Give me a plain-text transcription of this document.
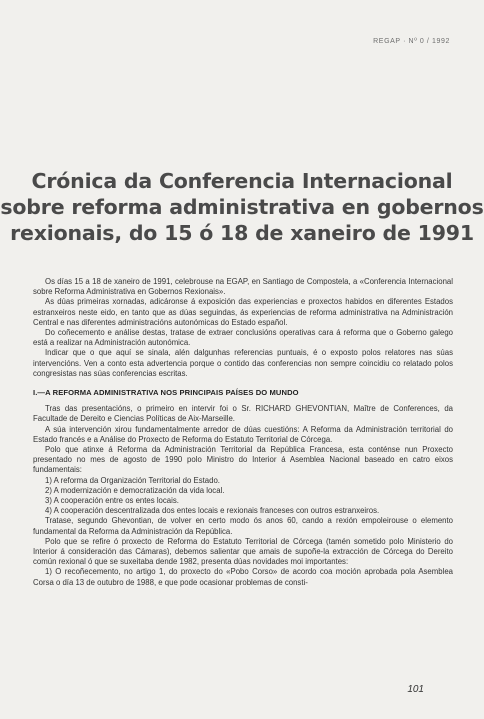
REGAP · Nº 0 / 1992
Crónica da Conferencia Internacional
sobre reforma administrativa en gobernos
rexionais, do 15 ó 18 de xaneiro de 1991

Os días 15 a 18 de xaneiro de 1991, celebrouse na EGAP, en Santiago de Compostela, a «Conferencia Internacional sobre Reforma Administrativa en Gobernos Rexionais».

As dúas primeiras xornadas, adicáronse á exposición das experiencias e proxectos habidos en diferentes Estados estranxeiros neste eido, en tanto que as dúas seguindas, ás experiencias de reforma administrativa na Administración Central e nas diferentes administracións autonómicas do Estado español.

Do coñecemento e análise destas, tratase de extraer conclusións operativas cara á reforma que o Goberno galego está a realizar na Administración autonómica.

Indicar que o que aquí se sinala, alén dalgunhas referencias puntuais, é o exposto polos relatores nas súas intervencións. Ven a conto esta advertencia porque o contido das conferencias non sempre coincidiu co relatado polos congresistas nas súas conferencias escritas.

I.—A REFORMA ADMINISTRATIVA NOS PRINCIPAIS PAÍSES DO MUNDO

Tras das presentacións, o primeiro en intervir foi o Sr. RICHARD GHEVONTIAN, Maître de Conferences, da Facultade de Dereito e Ciencias Políticas de Aix-Marseille.

A súa intervención xirou fundamentalmente arredor de dúas cuestións: A Reforma da Administración territorial do Estado francés e a Análise do Proxecto de Reforma do Estatuto Territorial de Córcega.

Polo que atinxe á Reforma da Administración Territorial da República Francesa, esta conténse nun Proxecto presentado no mes de agosto de 1990 polo Ministro do Interior á Asemblea Nacional baseado en catro eixos fundamentais:

1) A reforma da Organización Territorial do Estado.

2) A modernización e democratización da vida local.

3) A cooperación entre os entes locais.

4) A cooperación descentralizada dos entes locais e rexionais franceses con outros estranxeiros.

Tratase, segundo Ghevontian, de volver en certo modo ós anos 60, cando a rexión empoleirouse o elemento fundamental da Reforma da Administración da República.

Polo que se refire ó proxecto de Reforma do Estatuto Territorial de Córcega (tamén sometido polo Ministerio do Interior á consideración das Cámaras), debemos salientar que amais de supoñe-la extracción de Córcega do Dereito común rexional ó que se suxeitaba dende 1982, presenta dúas novidades moi importantes:

1) O recoñecemento, no artigo 1, do proxecto do «Pobo Corso» de acordo coa moción aprobada pola Asemblea Corsa o día 13 de outubro de 1988, e que pode ocasionar problemas de consti-

101
